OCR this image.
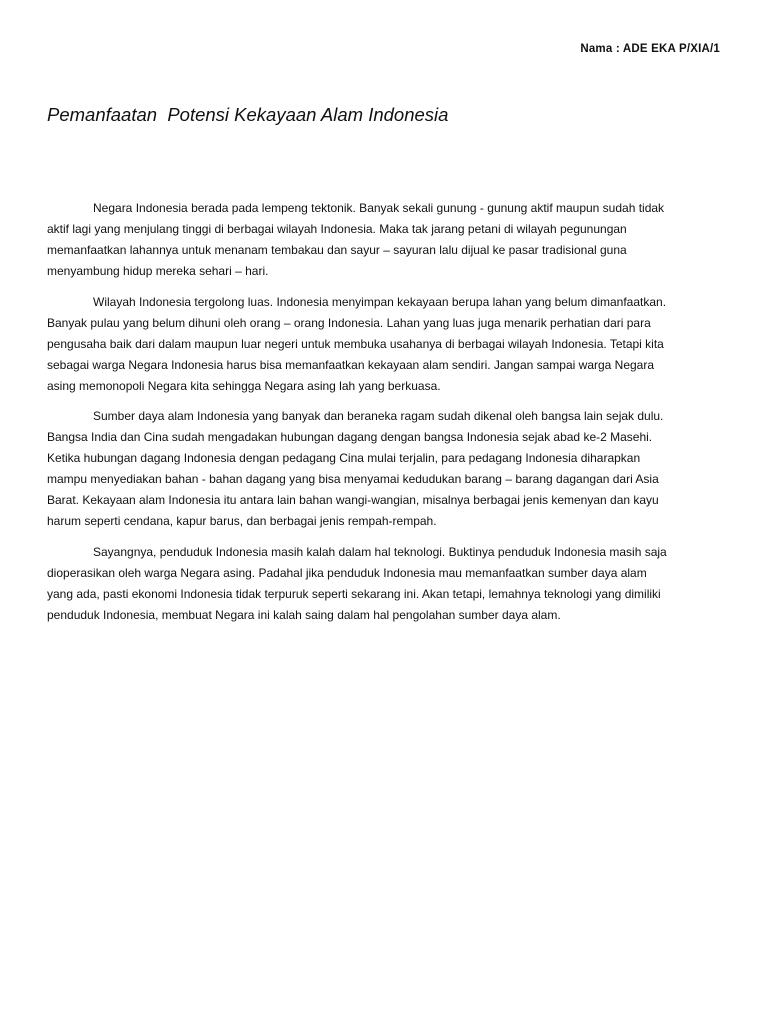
Nama : ADE EKA P/XIA/1
Pemanfaatan  Potensi Kekayaan Alam Indonesia

Negara Indonesia berada pada lempeng tektonik. Banyak sekali gunung - gunung aktif maupun sudah tidak
aktif lagi yang menjulang tinggi di berbagai wilayah Indonesia. Maka tak jarang petani di wilayah pegunungan
memanfaatkan lahannya untuk menanam tembakau dan sayur – sayuran lalu dijual ke pasar tradisional guna
menyambung hidup mereka sehari – hari.

Wilayah Indonesia tergolong luas. Indonesia menyimpan kekayaan berupa lahan yang belum dimanfaatkan.
Banyak pulau yang belum dihuni oleh orang – orang Indonesia. Lahan yang luas juga menarik perhatian dari para
pengusaha baik dari dalam maupun luar negeri untuk membuka usahanya di berbagai wilayah Indonesia. Tetapi kita
sebagai warga Negara Indonesia harus bisa memanfaatkan kekayaan alam sendiri. Jangan sampai warga Negara
asing memonopoli Negara kita sehingga Negara asing lah yang berkuasa.

Sumber daya alam Indonesia yang banyak dan beraneka ragam sudah dikenal oleh bangsa lain sejak dulu.
Bangsa India dan Cina sudah mengadakan hubungan dagang dengan bangsa Indonesia sejak abad ke-2 Masehi.
Ketika hubungan dagang Indonesia dengan pedagang Cina mulai terjalin, para pedagang Indonesia diharapkan
mampu menyediakan bahan - bahan dagang yang bisa menyamai kedudukan barang – barang dagangan dari Asia
Barat. Kekayaan alam Indonesia itu antara lain bahan wangi-wangian, misalnya berbagai jenis kemenyan dan kayu
harum seperti cendana, kapur barus, dan berbagai jenis rempah-rempah.

Sayangnya, penduduk Indonesia masih kalah dalam hal teknologi. Buktinya penduduk Indonesia masih saja
dioperasikan oleh warga Negara asing. Padahal jika penduduk Indonesia mau memanfaatkan sumber daya alam
yang ada, pasti ekonomi Indonesia tidak terpuruk seperti sekarang ini. Akan tetapi, lemahnya teknologi yang dimiliki
penduduk Indonesia, membuat Negara ini kalah saing dalam hal pengolahan sumber daya alam.
